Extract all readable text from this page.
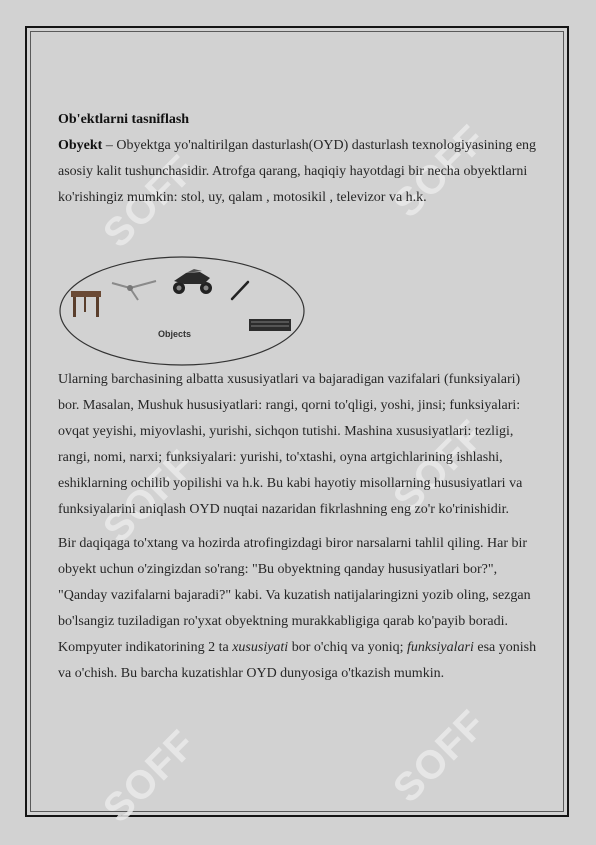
SOFF	SOFF
SOFF	SOFF
SOFF	SOFF

Ob'ektlarni tasniflash

Obyekt – Obyektga yo'naltirilgan dasturlash(OYD) dasturlash texnologiyasining eng asosiy kalit tushunchasidir. Atrofga qarang, haqiqiy hayotdagi bir necha obyektlarni ko'rishingiz mumkin: stol, uy, qalam , motosikil , televizor va h.k.

Ularning barchasining albatta xususiyatlari va bajaradigan vazifalari (funksiyalari) bor. Masalan, Mushuk hususiyatlari: rangi, qorni to'qligi, yoshi, jinsi; funksiyalari: ovqat yeyishi, miyovlashi, yurishi, sichqon tutishi. Mashina xususiyatlari: tezligi, rangi, nomi, narxi; funksiyalari: yurishi, to'xtashi, oyna artgichlarining ishlashi, eshiklarning ochilib yopilishi va h.k. Bu kabi hayotiy misollarning hususiyatlari va funksiyalarini aniqlash OYD nuqtai nazaridan fikrlashning eng zo'r ko'rinishidir.

Bir daqiqaga to'xtang va hozirda atrofingizdagi biror narsalarni tahlil qiling. Har bir obyekt uchun o'zingizdan so'rang: "Bu obyektning qanday hususiyatlari bor?", "Qanday vazifalarni bajaradi?" kabi. Va kuzatish natijalaringizni yozib oling, sezgan bo'lsangiz tuziladigan ro'yxat obyektning murakkabligiga qarab ko'payib boradi. Kompyuter indikatorining 2 ta xususiyati bor o'chiq va yoniq; funksiyalari esa yonish va o'chish. Bu barcha kuzatishlar OYD dunyosiga o'tkazish mumkin.

Objects
